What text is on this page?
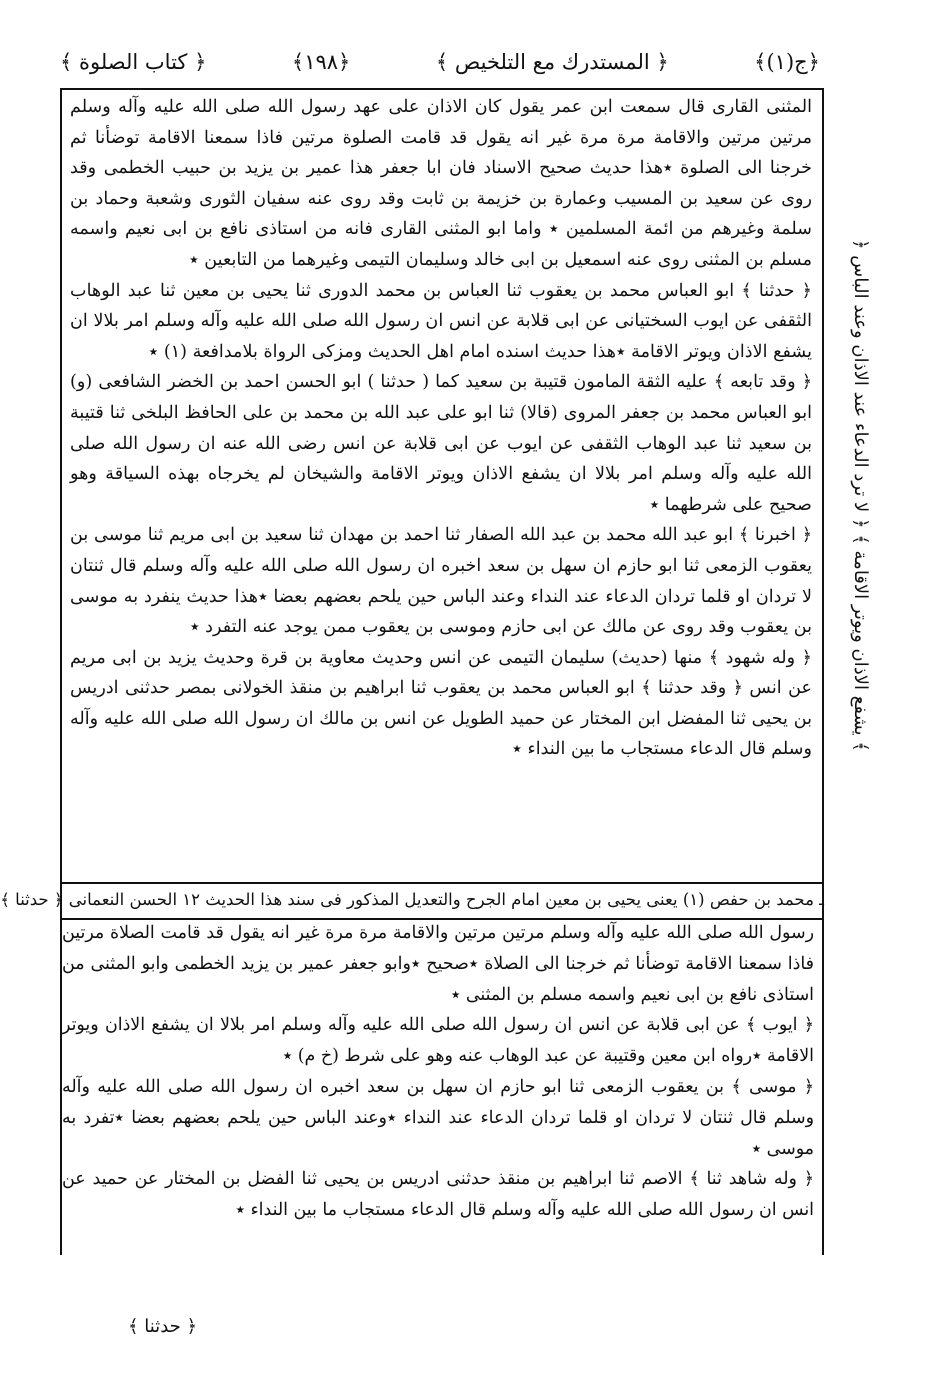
﴿ج(١)﴾
﴿ المستدرك مع التلخيص ﴾
﴿١٩٨﴾
﴿ كتاب الصلوة ﴾

المثنى القارى قال سمعت ابن عمر يقول كان الاذان على عهد رسول الله صلى الله عليه وآله وسلم مرتين مرتين والاقامة مرة مرة غير انه يقول قد قامت الصلوة مرتين فاذا سمعنا الاقامة توضأنا ثم خرجنا الى الصلوة ٭هذا حديث صحيح الاسناد فان ابا جعفر هذا عمير بن يزيد بن حبيب الخطمى وقد روى عن سعيد بن المسيب وعمارة بن خزيمة بن ثابت وقد روى عنه سفيان الثورى وشعبة وحماد بن سلمة وغيرهم من ائمة المسلمين ٭ واما ابو المثنى القارى فانه من استاذى نافع بن ابى نعيم واسمه مسلم بن المثنى روى عنه اسمعيل بن ابى خالد وسليمان التيمى وغيرهما من التابعين ٭

﴿ حدثنا ﴾ ابو العباس محمد بن يعقوب ثنا العباس بن محمد الدورى ثنا يحيى بن معين ثنا عبد الوهاب الثقفى عن ايوب السختيانى عن ابى قلابة عن انس ان رسول الله صلى الله عليه وآله وسلم امر بلالا ان يشفع الاذان ويوتر الاقامة ٭هذا حديث اسنده امام اهل الحديث ومزكى الرواة بلامدافعة (١) ٭

﴿ وقد تابعه ﴾ عليه الثقة المامون قتيبة بن سعيد كما ( حدثنا ) ابو الحسن احمد بن الخضر الشافعى (و) ابو العباس محمد بن جعفر المروى (قالا) ثنا ابو على عبد الله بن محمد بن على الحافظ البلخى ثنا قتيبة بن سعيد ثنا عبد الوهاب الثقفى عن ايوب عن ابى قلابة عن انس رضى الله عنه ان رسول الله صلى الله عليه وآله وسلم امر بلالا ان يشفع الاذان ويوتر الاقامة والشيخان لم يخرجاه بهذه السياقة وهو صحيح على شرطهما ٭

﴿ اخبرنا ﴾ ابو عبد الله محمد بن عبد الله الصفار ثنا احمد بن مهدان ثنا سعيد بن ابى مريم ثنا موسى بن يعقوب الزمعى ثنا ابو حازم ان سهل بن سعد اخبره ان رسول الله صلى الله عليه وآله وسلم قال ثنتان لا تردان او قلما تردان الدعاء عند النداء وعند الباس حين يلحم بعضهم بعضا ٭هذا حديث ينفرد به موسى بن يعقوب وقد روى عن مالك عن ابى حازم وموسى بن يعقوب ممن يوجد عنه التفرد ٭

﴿ وله شهود ﴾ منها (حديث) سليمان التيمى عن انس وحديث معاوية بن قرة وحديث يزيد بن ابى مريم عن انس ﴿ وقد حدثنا ﴾ ابو العباس محمد بن يعقوب ثنا ابراهيم بن منقذ الخولانى بمصر حدثنى ادريس بن يحيى ثنا المفضل ابن المختار عن حميد الطويل عن انس بن مالك ان رسول الله صلى الله عليه وآله وسلم قال الدعاء مستجاب ما بين النداء ٭

﴿ يشفع الاذان ويوتر الاقامة ﴾ ﴿ لا ترد الدعاء عند الاذان وعند الباس ﴾
ـ محمد بن حفص (١) يعنى يحيى بن معين امام الجرح والتعديل المذكور فى سند هذا الحديث ١٢ الحسن النعمانى ﴿ حدثنا ﴾

رسول الله صلى الله عليه وآله وسلم مرتين مرتين والاقامة مرة مرة غير انه يقول قد قامت الصلاة مرتين فاذا سمعنا الاقامة توضأنا ثم خرجنا الى الصلاة ٭صحيح ٭وابو جعفر عمير بن يزيد الخطمى وابو المثنى من استاذى نافع بن ابى نعيم واسمه مسلم بن المثنى ٭

﴿ ايوب ﴾ عن ابى قلابة عن انس ان رسول الله صلى الله عليه وآله وسلم امر بلالا ان يشفع الاذان ويوتر الاقامة ٭رواه ابن معين وقتيبة عن عبد الوهاب عنه وهو على شرط (خ م) ٭

﴿ موسى ﴾ بن يعقوب الزمعى ثنا ابو حازم ان سهل بن سعد اخبره ان رسول الله صلى الله عليه وآله وسلم قال ثنتان لا تردان او قلما تردان الدعاء عند النداء ٭وعند الباس حين يلحم بعضهم بعضا ٭تفرد به موسى ٭

﴿ وله شاهد ثنا ﴾ الاصم ثنا ابراهيم بن منقذ حدثنى ادريس بن يحيى ثنا الفضل بن المختار عن حميد عن انس ان رسول الله صلى الله عليه وآله وسلم قال الدعاء مستجاب ما بين النداء ٭

﴿ حدثنا ﴾
